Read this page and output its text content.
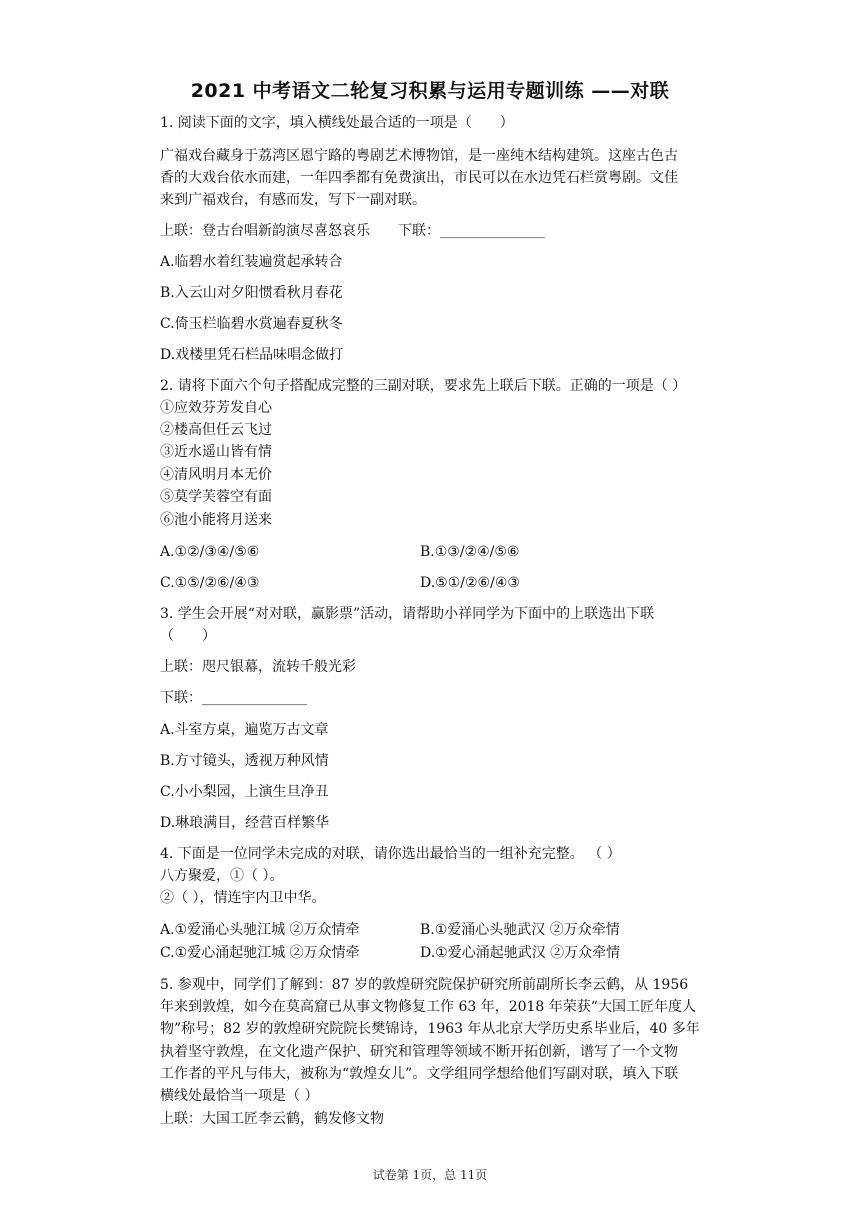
2021 中考语文二轮复习积累与运用专题训练 ——对联
1. 阅读下面的文字，填入横线处最合适的一项是（　　）
广福戏台藏身于荔湾区恩宁路的粤剧艺术博物馆，是一座纯木结构建筑。这座古色古
香的大戏台依水而建，一年四季都有免费演出，市民可以在水边凭石栏赏粤剧。文佳
来到广福戏台，有感而发，写下一副对联。
上联：登古台唱新韵演尽喜怒哀乐　　下联：_______________
A.临碧水着红装遍赏起承转合
B.入云山对夕阳惯看秋月春花
C.倚玉栏临碧水赏遍春夏秋冬
D.戏楼里凭石栏品味唱念做打
2. 请将下面六个句子搭配成完整的三副对联，要求先上联后下联。正确的一项是（ ）
①应效芬芳发自心
②楼高但任云飞过
③近水遥山皆有情
④清风明月本无价
⑤莫学芙蓉空有面
⑥池小能将月送来
A.①②/③④/⑤⑥	B.①③/②④/⑤⑥
C.①⑤/②⑥/④③	D.⑤①/②⑥/④③
3. 学生会开展“对对联，赢影票”活动，请帮助小祥同学为下面中的上联选出下联
（　　）
上联：咫尺银幕，流转千般光彩
下联：_______________
A.斗室方桌，遍览万古文章
B.方寸镜头，透视万种风情
C.小小梨园，上演生旦净丑
D.琳琅满目，经营百样繁华
4. 下面是一位同学未完成的对联，请你选出最恰当的一组补充完整。 （ ）
八方聚爱，①（ ）。
②（ ），情连宇内卫中华。
A.①爱涌心头驰江城 ②万众情牵	B.①爱涌心头驰武汉 ②万众牵情
C.①爱心涌起驰江城 ②万众情牵	D.①爱心涌起驰武汉 ②万众牵情
5. 参观中，同学们了解到：87 岁的敦煌研究院保护研究所前副所长李云鹤，从 1956
年来到敦煌，如今在莫高窟已从事文物修复工作 63 年，2018 年荣获“大国工匠年度人
物”称号；82 岁的敦煌研究院院长樊锦诗，1963 年从北京大学历史系毕业后，40 多年
执着坚守敦煌，在文化遗产保护、研究和管理等领域不断开拓创新，谱写了一个文物
工作者的平凡与伟大，被称为“敦煌女儿”。文学组同学想给他们写副对联，填入下联
横线处最恰当一项是（ ）
上联：大国工匠李云鹤，鹤发修文物
试卷第 1页，总 11页
